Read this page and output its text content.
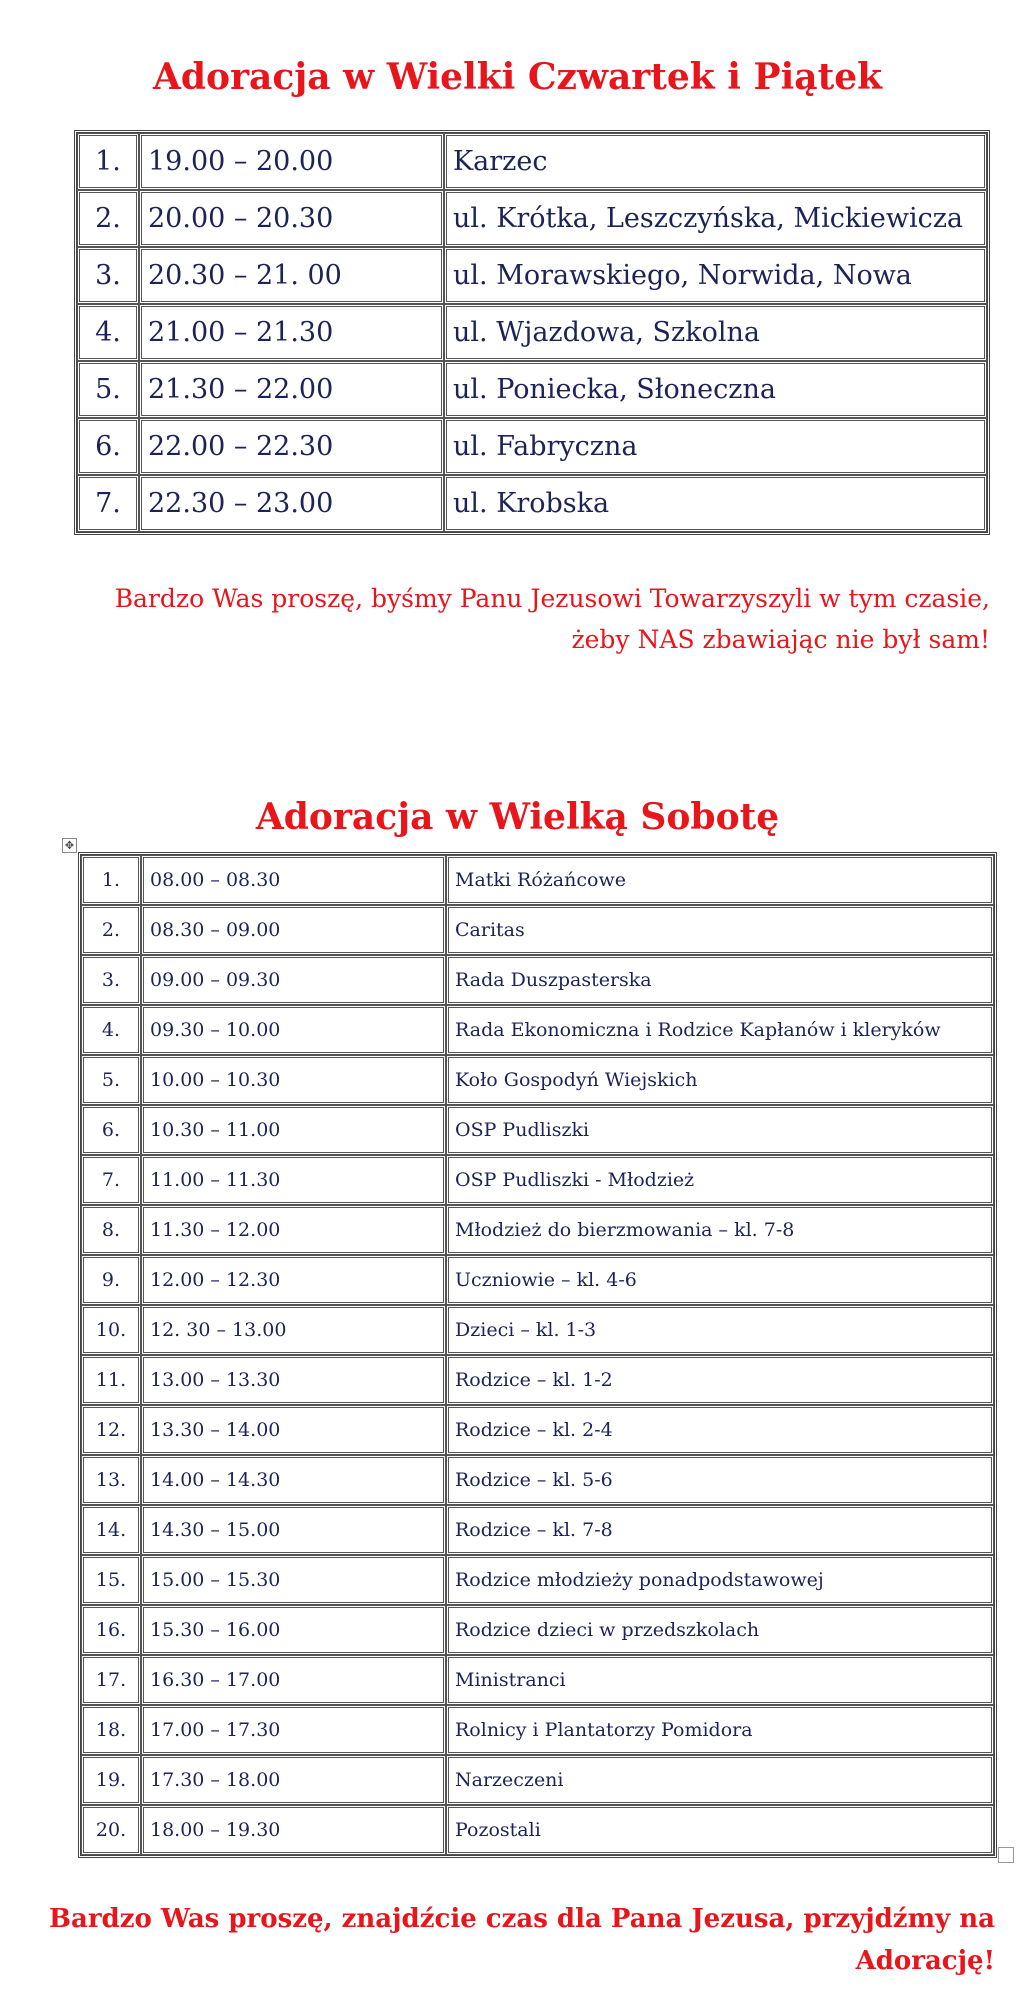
Adoracja w Wielki Czwartek i Piątek
1.	19.00 – 20.00	Karzec
2.	20.00 – 20.30	ul. Krótka, Leszczyńska, Mickiewicza
3.	20.30 – 21. 00	ul. Morawskiego, Norwida, Nowa
4.	21.00 – 21.30	ul. Wjazdowa, Szkolna
5.	21.30 – 22.00	ul. Poniecka, Słoneczna
6.	22.00 – 22.30	ul. Fabryczna
7.	22.30 – 23.00	ul. Krobska

Bardzo Was proszę, byśmy Panu Jezusowi Towarzyszyli w tym czasie, żeby NAS zbawiając nie był sam!

Adoracja w Wielką Sobotę
✥
1.	08.00 – 08.30	Matki Różańcowe
2.	08.30 – 09.00	Caritas
3.	09.00 – 09.30	Rada Duszpasterska
4.	09.30 – 10.00	Rada Ekonomiczna i Rodzice Kapłanów i kleryków
5.	10.00 – 10.30	Koło Gospodyń Wiejskich
6.	10.30 – 11.00	OSP Pudliszki
7.	11.00 – 11.30	OSP Pudliszki - Młodzież
8.	11.30 – 12.00	Młodzież do bierzmowania – kl. 7-8
9.	12.00 – 12.30	Uczniowie – kl. 4-6
10.	12. 30 – 13.00	Dzieci – kl. 1-3
11.	13.00 – 13.30	Rodzice – kl. 1-2
12.	13.30 – 14.00	Rodzice – kl. 2-4
13.	14.00 – 14.30	Rodzice – kl. 5-6
14.	14.30 – 15.00	Rodzice – kl. 7-8
15.	15.00 – 15.30	Rodzice młodzieży ponadpodstawowej
16.	15.30 – 16.00	Rodzice dzieci w przedszkolach
17.	16.30 – 17.00	Ministranci
18.	17.00 – 17.30	Rolnicy i Plantatorzy Pomidora
19.	17.30 – 18.00	Narzeczeni
20.	18.00 – 19.30	Pozostali

Bardzo Was proszę, znajdźcie czas dla Pana Jezusa, przyjdźmy na Adorację!
